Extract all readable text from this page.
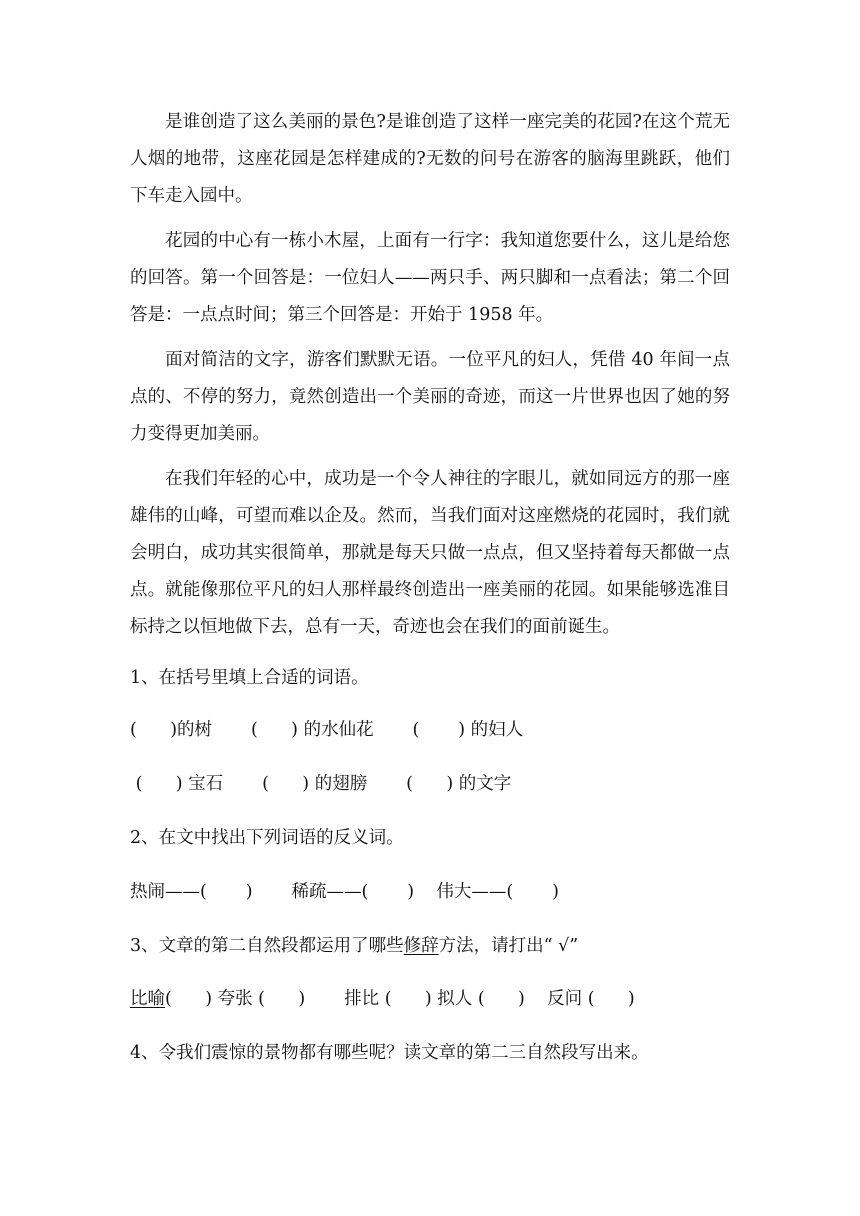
是谁创造了这么美丽的景色?是谁创造了这样一座完美的花园?在这个荒无人烟的地带，这座花园是怎样建成的?无数的问号在游客的脑海里跳跃，他们下车走入园中。

花园的中心有一栋小木屋，上面有一行字：我知道您要什么，这儿是给您的回答。第一个回答是：一位妇人——两只手、两只脚和一点看法；第二个回答是：一点点时间；第三个回答是：开始于 1958 年。

面对简洁的文字，游客们默默无语。一位平凡的妇人，凭借 40 年间一点点的、不停的努力，竟然创造出一个美丽的奇迹，而这一片世界也因了她的努力变得更加美丽。

在我们年轻的心中，成功是一个令人神往的字眼儿，就如同远方的那一座雄伟的山峰，可望而难以企及。然而，当我们面对这座燃烧的花园时，我们就会明白，成功其实很简单，那就是每天只做一点点，但又坚持着每天都做一点点。就能像那位平凡的妇人那样最终创造出一座美丽的花园。如果能够选准目标持之以恒地做下去，总有一天，奇迹也会在我们的面前诞生。

1、在括号里填上合适的词语。

(      )的树       (      ) 的水仙花       (       ) 的妇人

(      ) 宝石       (      ) 的翅膀       (      ) 的文字

2、在文中找出下列词语的反义词。

热闹——(       )       稀疏——(       )    伟大——(       )

3、文章的第二自然段都运用了哪些修辞方法，请打出“ √”

比喻(      ) 夸张 (      )       排比 (      ) 拟人 (      )    反问 (      )

4、令我们震惊的景物都有哪些呢？读文章的第二三自然段写出来。
